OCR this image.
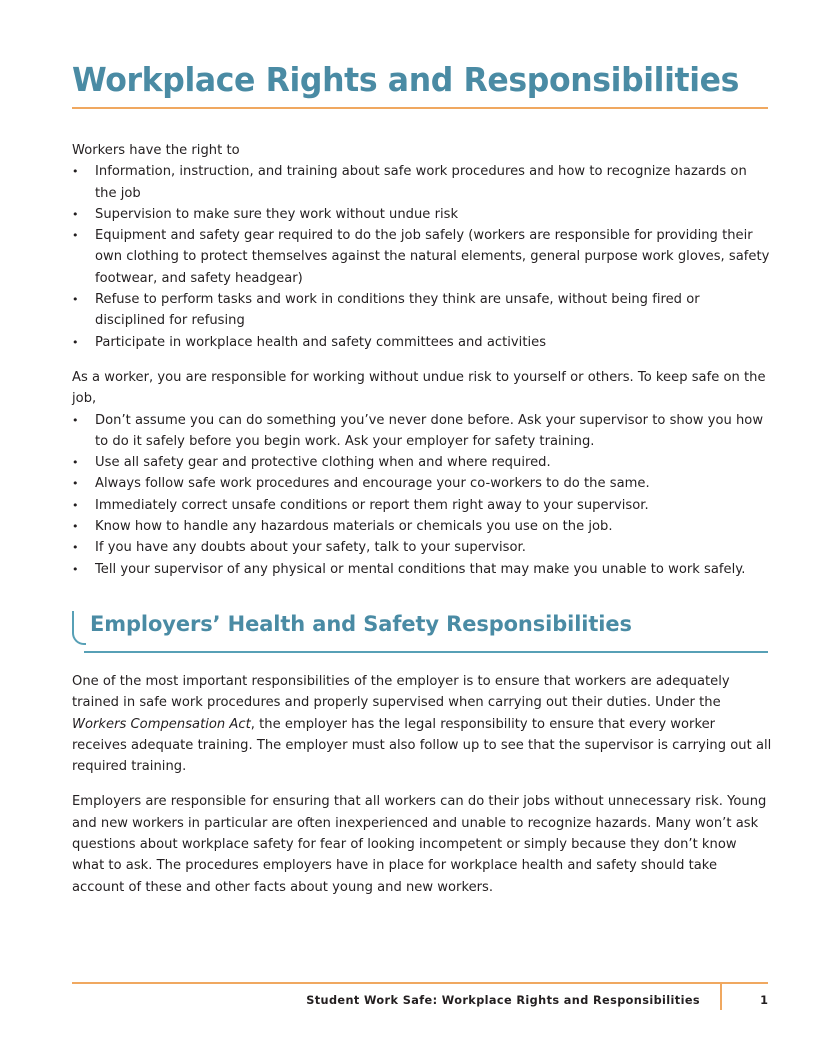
Workplace Rights and Responsibilities

Workers have the right to

• Information, instruction, and training about safe work procedures and how to recognize hazards on the job
• Supervision to make sure they work without undue risk
• Equipment and safety gear required to do the job safely (workers are responsible for providing their own clothing to protect themselves against the natural elements, general purpose work gloves, safety footwear, and safety headgear)
• Refuse to perform tasks and work in conditions they think are unsafe, without being fired or disciplined for refusing
• Participate in workplace health and safety committees and activities

As a worker, you are responsible for working without undue risk to yourself or others. To keep safe on the job,

• Don’t assume you can do something you’ve never done before. Ask your supervisor to show you how to do it safely before you begin work. Ask your employer for safety training.
• Use all safety gear and protective clothing when and where required.
• Always follow safe work procedures and encourage your co-workers to do the same.
• Immediately correct unsafe conditions or report them right away to your supervisor.
• Know how to handle any hazardous materials or chemicals you use on the job.
• If you have any doubts about your safety, talk to your supervisor.
• Tell your supervisor of any physical or mental conditions that may make you unable to work safely.
Employers’ Health and Safety Responsibilities

One of the most important responsibilities of the employer is to ensure that workers are adequately trained in safe work procedures and properly supervised when carrying out their duties. Under the Workers Compensation Act, the employer has the legal responsibility to ensure that every worker receives adequate training. The employer must also follow up to see that the supervisor is carrying out all required training.

Employers are responsible for ensuring that all workers can do their jobs without unnecessary risk. Young and new workers in particular are often inexperienced and unable to recognize hazards. Many won’t ask questions about workplace safety for fear of looking incompetent or simply because they don’t know what to ask. The procedures employers have in place for workplace health and safety should take account of these and other facts about young and new workers.

Student Work Safe: Workplace Rights and Responsibilities	1
